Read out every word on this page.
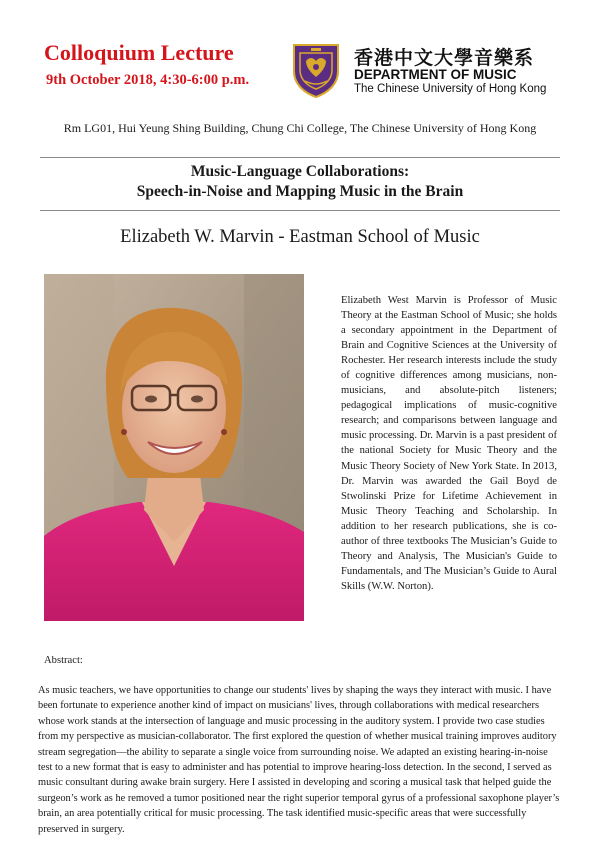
Colloquium Lecture
9th October 2018, 4:30-6:00 p.m.
香港中文大學音樂系
DEPARTMENT OF MUSIC
The Chinese University of Hong Kong
Rm LG01, Hui Yeung Shing Building, Chung Chi College, The Chinese University of Hong Kong
Music-Language Collaborations:
Speech-in-Noise and Mapping Music in the Brain
Elizabeth W. Marvin - Eastman School of Music
Elizabeth West Marvin is Professor of Music Theory at the Eastman School of Music; she holds a secondary appointment in the Department of Brain and Cognitive Sciences at the University of Rochester. Her research interests include the study of cognitive differences among musicians, non-musicians, and absolute-pitch listeners; pedagogical implications of music-cognitive research; and comparisons between language and music processing. Dr. Marvin is a past president of the national Society for Music Theory and the Music Theory Society of New York State. In 2013, Dr. Marvin was awarded the Gail Boyd de Stwolinski Prize for Lifetime Achievement in Music Theory Teaching and Scholarship. In addition to her research publications, she is co-author of three textbooks The Musician’s Guide to Theory and Analysis, The Musician's Guide to Fundamentals, and The Musician’s Guide to Aural Skills (W.W. Norton).
Abstract:
As music teachers, we have opportunities to change our students' lives by shaping the ways they interact with music. I have been fortunate to experience another kind of impact on musicians' lives, through collaborations with medical researchers whose work stands at the intersection of language and music processing in the auditory system. I provide two case studies from my perspective as musician-collaborator. The first explored the question of whether musical training improves auditory stream segregation—the ability to separate a single voice from surrounding noise. We adapted an existing hearing-in-noise test to a new format that is easy to administer and has potential to improve hearing-loss detection. In the second, I served as music consultant during awake brain surgery. Here I assisted in developing and scoring a musical task that helped guide the surgeon’s work as he removed a tumor positioned near the right superior temporal gyrus of a professional saxophone player’s brain, an area potentially critical for music processing. The task identified music-specific areas that were successfully preserved in surgery.
